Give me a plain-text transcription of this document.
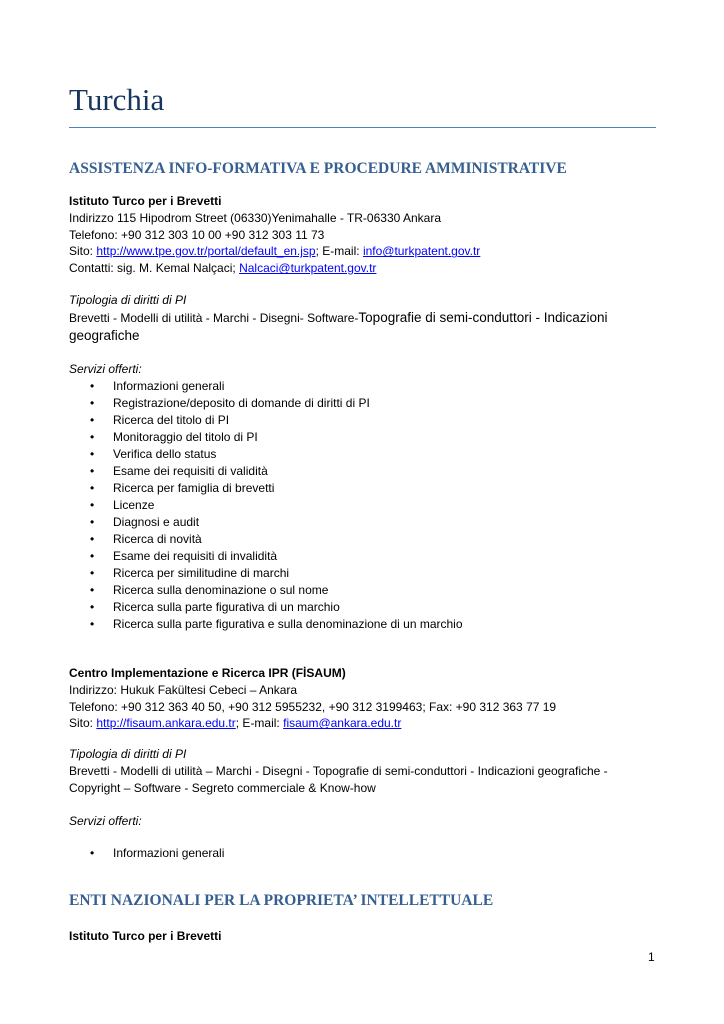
Turchia
ASSISTENZA INFO-FORMATIVA E PROCEDURE AMMINISTRATIVE
Istituto Turco per i Brevetti
Indirizzo 115 Hipodrom Street (06330)Yenimahalle - TR-06330 Ankara
Telefono: +90 312 303 10 00 +90 312 303 11 73
Sito: http://www.tpe.gov.tr/portal/default_en.jsp; E-mail: info@turkpatent.gov.tr
Contatti: sig. M. Kemal Nalçaci; Nalcaci@turkpatent.gov.tr
Tipologia di diritti di PI
Brevetti - Modelli di utilità - Marchi - Disegni- Software-Topografie di semi-conduttori - Indicazioni geografiche
Servizi offerti:
• Informazioni generali
• Registrazione/deposito di domande di diritti di PI
• Ricerca del titolo di PI
• Monitoraggio del titolo di PI
• Verifica dello status
• Esame dei requisiti di validità
• Ricerca per famiglia di brevetti
• Licenze
• Diagnosi e audit
• Ricerca di novità
• Esame dei requisiti di invalidità
• Ricerca per similitudine di marchi
• Ricerca sulla denominazione o sul nome
• Ricerca sulla parte figurativa di un marchio
• Ricerca sulla parte figurativa e sulla denominazione di un marchio
Centro Implementazione e Ricerca IPR (FİSAUM)
Indirizzo: Hukuk Fakültesi Cebeci – Ankara
Telefono: +90 312 363 40 50, +90 312 5955232, +90 312 3199463; Fax: +90 312 363 77 19
Sito: http://fisaum.ankara.edu.tr; E-mail: fisaum@ankara.edu.tr
Tipologia di diritti di PI
Brevetti - Modelli di utilità – Marchi - Disegni - Topografie di semi-conduttori - Indicazioni geografiche -
Copyright – Software - Segreto commerciale & Know-how
Servizi offerti:
• Informazioni generali
ENTI NAZIONALI PER LA PROPRIETA’ INTELLETTUALE
Istituto Turco per i Brevetti
1
